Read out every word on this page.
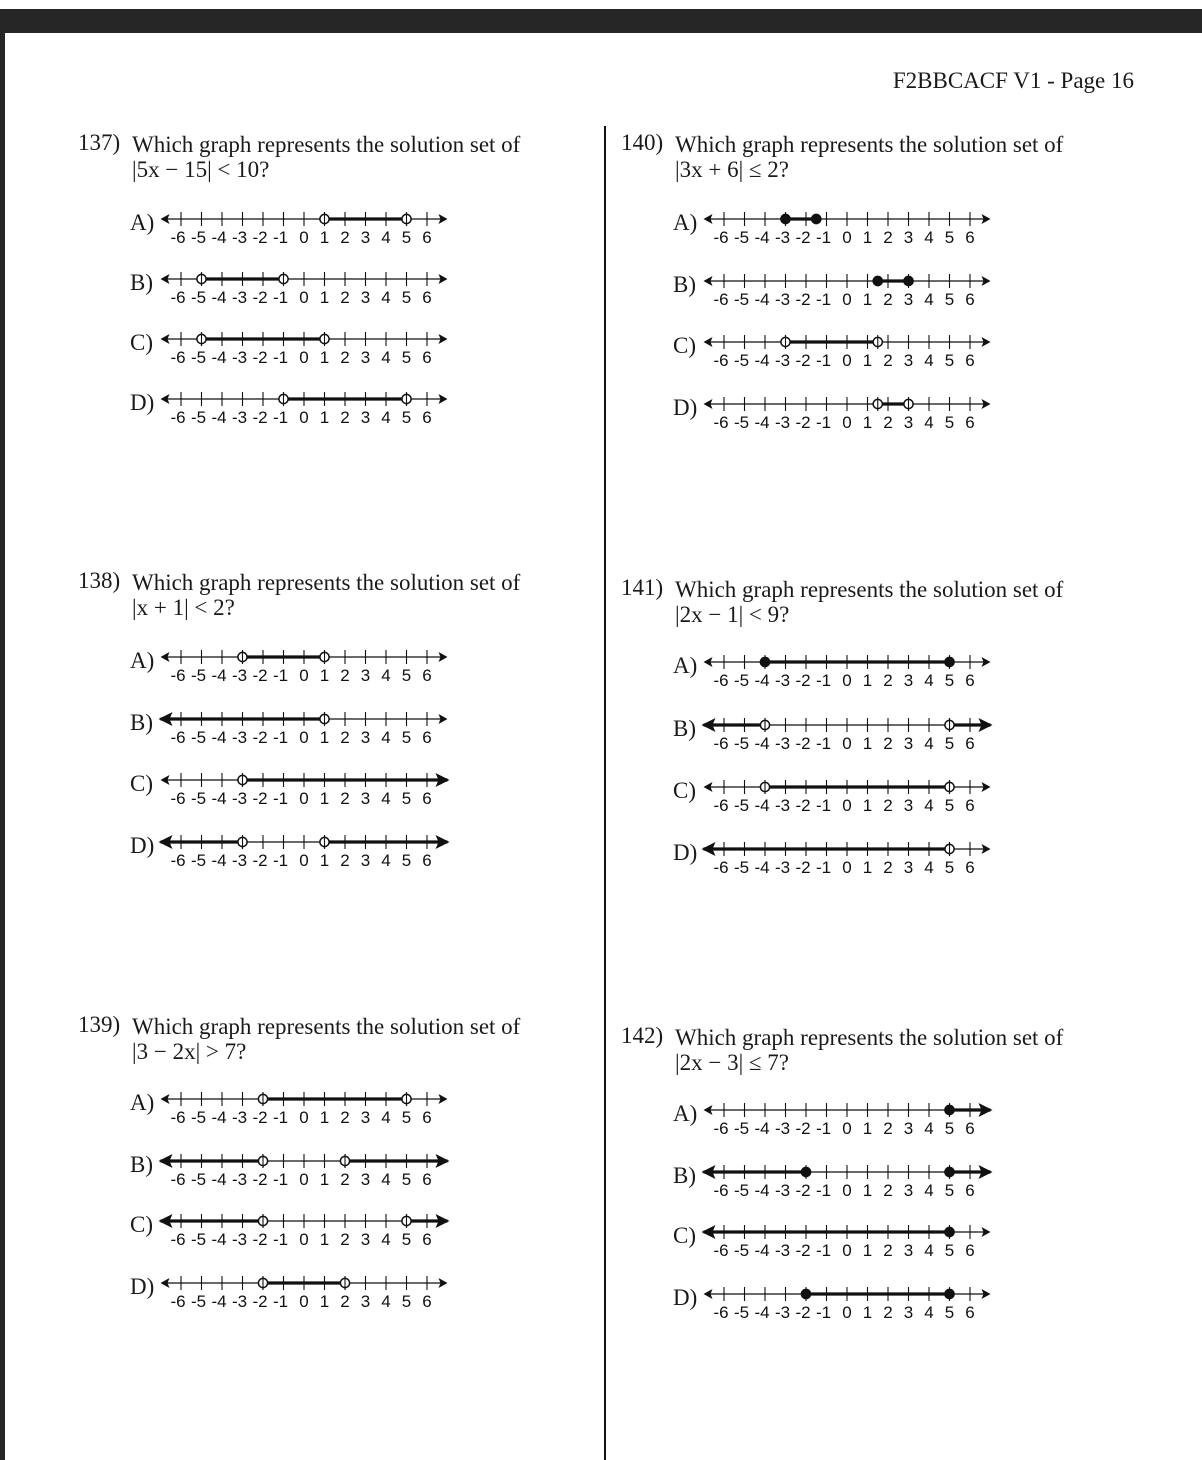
F2BBCACF V1 - Page 16
137) Which graph represents the solution set of
|5x − 15| < 10?
A)
-6 -5 -4 -3 -2 -1 0 1 2 3 4 5 6
B)
-6 -5 -4 -3 -2 -1 0 1 2 3 4 5 6
C)
-6 -5 -4 -3 -2 -1 0 1 2 3 4 5 6
D)
-6 -5 -4 -3 -2 -1 0 1 2 3 4 5 6
138) Which graph represents the solution set of
|x + 1| < 2?
A)
-6 -5 -4 -3 -2 -1 0 1 2 3 4 5 6
B)
-6 -5 -4 -3 -2 -1 0 1 2 3 4 5 6
C)
-6 -5 -4 -3 -2 -1 0 1 2 3 4 5 6
D)
-6 -5 -4 -3 -2 -1 0 1 2 3 4 5 6
139) Which graph represents the solution set of
|3 − 2x| > 7?
A)
-6 -5 -4 -3 -2 -1 0 1 2 3 4 5 6
B)
-6 -5 -4 -3 -2 -1 0 1 2 3 4 5 6
C)
-6 -5 -4 -3 -2 -1 0 1 2 3 4 5 6
D)
-6 -5 -4 -3 -2 -1 0 1 2 3 4 5 6
140) Which graph represents the solution set of
|3x + 6| ≤ 2?
A)
-6 -5 -4 -3 -2 -1 0 1 2 3 4 5 6
B)
-6 -5 -4 -3 -2 -1 0 1 2 3 4 5 6
C)
-6 -5 -4 -3 -2 -1 0 1 2 3 4 5 6
D)
-6 -5 -4 -3 -2 -1 0 1 2 3 4 5 6
141) Which graph represents the solution set of
|2x − 1| < 9?
A)
-6 -5 -4 -3 -2 -1 0 1 2 3 4 5 6
B)
-6 -5 -4 -3 -2 -1 0 1 2 3 4 5 6
C)
-6 -5 -4 -3 -2 -1 0 1 2 3 4 5 6
D)
-6 -5 -4 -3 -2 -1 0 1 2 3 4 5 6
142) Which graph represents the solution set of
|2x − 3| ≤ 7?
A)
-6 -5 -4 -3 -2 -1 0 1 2 3 4 5 6
B)
-6 -5 -4 -3 -2 -1 0 1 2 3 4 5 6
C)
-6 -5 -4 -3 -2 -1 0 1 2 3 4 5 6
D)
-6 -5 -4 -3 -2 -1 0 1 2 3 4 5 6
